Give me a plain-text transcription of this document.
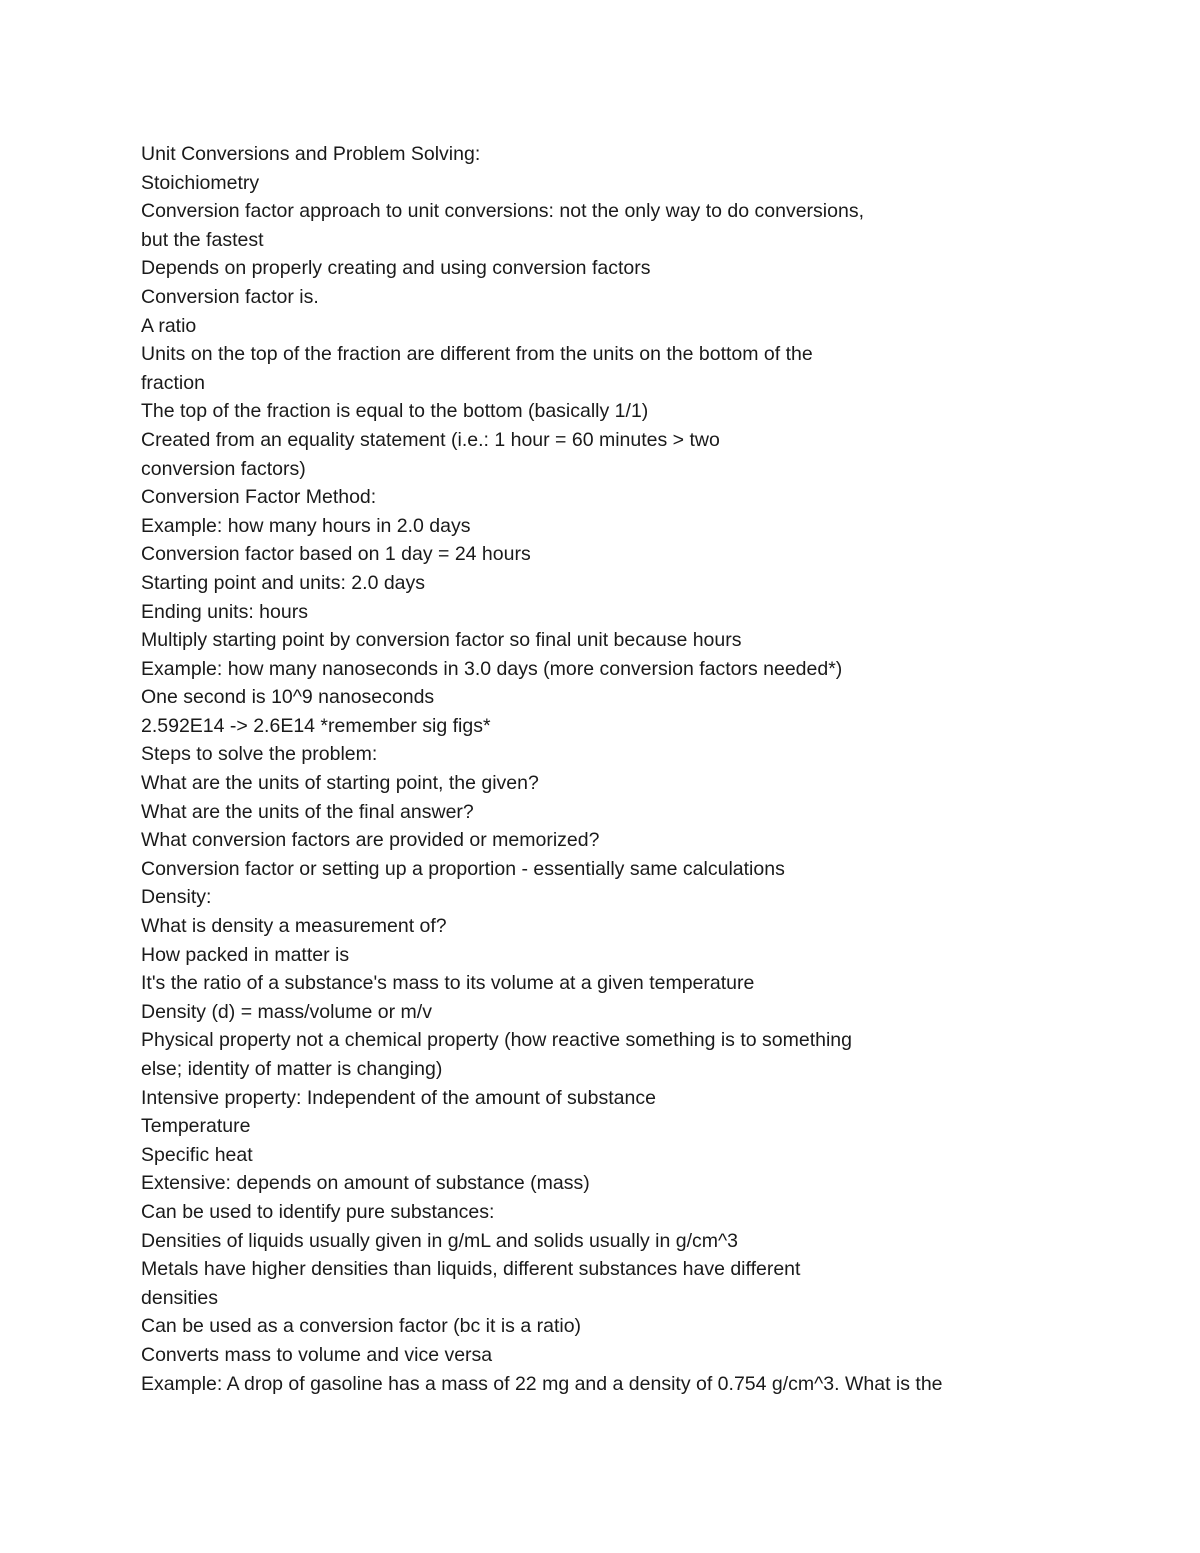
Unit Conversions and Problem Solving:
Stoichiometry
Conversion factor approach to unit conversions: not the only way to do conversions,
but the fastest
Depends on properly creating and using conversion factors
Conversion factor is.
A ratio
Units on the top of the fraction are different from the units on the bottom of the
fraction
The top of the fraction is equal to the bottom (basically 1/1)
Created from an equality statement (i.e.: 1 hour = 60 minutes > two
conversion factors)
Conversion Factor Method:
Example: how many hours in 2.0 days
Conversion factor based on 1 day = 24 hours
Starting point and units: 2.0 days
Ending units: hours
Multiply starting point by conversion factor so final unit because hours
Example: how many nanoseconds in 3.0 days (more conversion factors needed*)
One second is 10^9 nanoseconds
2.592E14 -> 2.6E14 *remember sig figs*
Steps to solve the problem:
What are the units of starting point, the given?
What are the units of the final answer?
What conversion factors are provided or memorized?
Conversion factor or setting up a proportion - essentially same calculations
Density:
What is density a measurement of?
How packed in matter is
It's the ratio of a substance's mass to its volume at a given temperature
Density (d) = mass/volume or m/v
Physical property not a chemical property (how reactive something is to something
else; identity of matter is changing)
Intensive property: Independent of the amount of substance
Temperature
Specific heat
Extensive: depends on amount of substance (mass)
Can be used to identify pure substances:
Densities of liquids usually given in g/mL and solids usually in g/cm^3
Metals have higher densities than liquids, different substances have different
densities
Can be used as a conversion factor (bc it is a ratio)
Converts mass to volume and vice versa
Example: A drop of gasoline has a mass of 22 mg and a density of 0.754 g/cm^3. What is the
